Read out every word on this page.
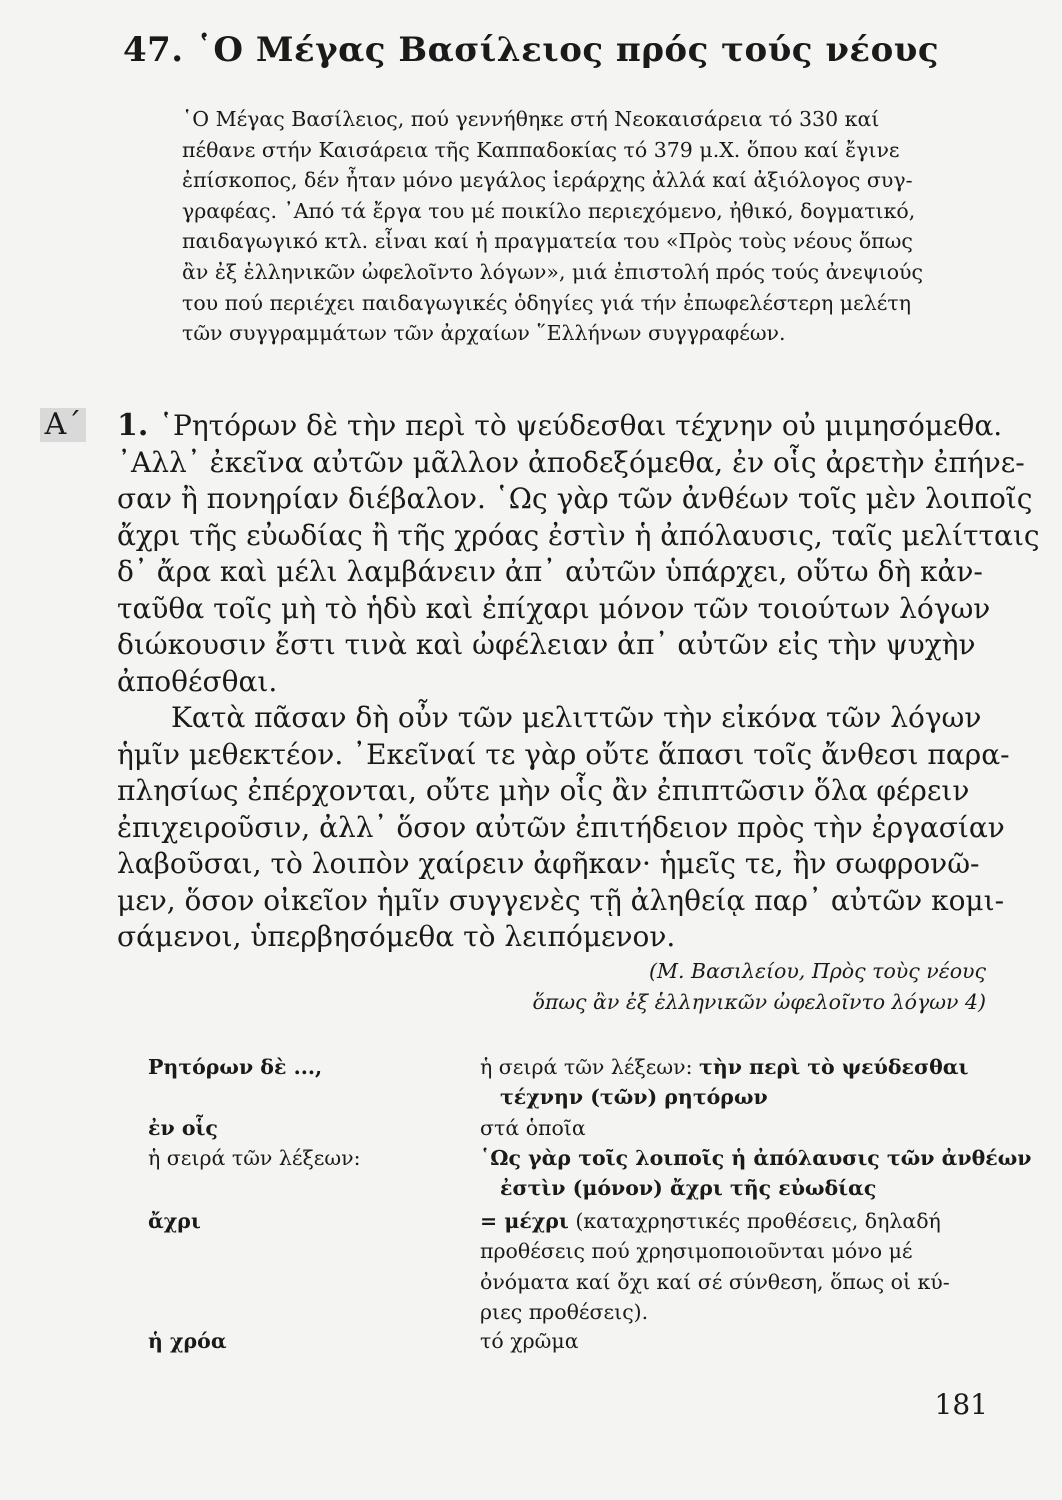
47. ῾Ο Μέγας Βασίλειος πρός τούς νέους
῾Ο Μέγας Βασίλειος, πού γεννήθηκε στή Νεοκαισάρεια τό 330 καί
πέθανε στήν Καισάρεια τῆς Καππαδοκίας τό 379 μ.Χ. ὅπου καί ἔγινε
ἐπίσκοπος, δέν ἦταν μόνο μεγάλος ἱεράρχης ἀλλά καί ἀξιόλογος συγ-
γραφέας. ᾿Από τά ἔργα του μέ ποικίλο περιεχόμενο, ἠθικό, δογματικό,
παιδαγωγικό κτλ. εἶναι καί ἡ πραγματεία του «Πρὸς τοὺς νέους ὅπως
ἂν ἐξ ἑλληνικῶν ὠφελοῖντο λόγων», μιά ἐπιστολή πρός τούς ἀνεψιούς
του πού περιέχει παιδαγωγικές ὁδηγίες γιά τήν ἐπωφελέστερη μελέτη
τῶν συγγραμμάτων τῶν ἀρχαίων ῞Ελλήνων συγγραφέων.
Α΄ 1. ῾Ρητόρων δὲ τὴν περὶ τὸ ψεύδεσθαι τέχνην οὐ μιμησόμεθα.
᾿Αλλ᾿ ἐκεῖνα αὐτῶν μᾶλλον ἀποδεξόμεθα, ἐν οἷς ἀρετὴν ἐπήνε-
σαν ἢ πονηρίαν διέβαλον. ῾Ως γὰρ τῶν ἀνθέων τοῖς μὲν λοιποῖς
ἄχρι τῆς εὐωδίας ἢ τῆς χρόας ἐστὶν ἡ ἀπόλαυσις, ταῖς μελίτταις
δ᾿ ἄρα καὶ μέλι λαμβάνειν ἀπ᾿ αὐτῶν ὑπάρχει, οὕτω δὴ κἀν-
ταῦθα τοῖς μὴ τὸ ἡδὺ καὶ ἐπίχαρι μόνον τῶν τοιούτων λόγων
διώκουσιν ἔστι τινὰ καὶ ὠφέλειαν ἀπ᾿ αὐτῶν εἰς τὴν ψυχὴν
ἀποθέσθαι.
Κατὰ πᾶσαν δὴ οὖν τῶν μελιττῶν τὴν εἰκόνα τῶν λόγων
ἡμῖν μεθεκτέον. ᾿Εκεῖναί τε γὰρ οὔτε ἅπασι τοῖς ἄνθεσι παρα-
πλησίως ἐπέρχονται, οὔτε μὴν οἷς ἂν ἐπιπτῶσιν ὅλα φέρειν
ἐπιχειροῦσιν, ἀλλ᾿ ὅσον αὐτῶν ἐπιτήδειον πρὸς τὴν ἐργασίαν
λαβοῦσαι, τὸ λοιπὸν χαίρειν ἀφῆκαν· ἡμεῖς τε, ἢν σωφρονῶ-
μεν, ὅσον οἰκεῖον ἡμῖν συγγενὲς τῇ ἀληθείᾳ παρ᾿ αὐτῶν κομι-
σάμενοι, ὑπερβησόμεθα τὸ λειπόμενον.
(Μ. Βασιλείου, Πρὸς τοὺς νέους
ὅπως ἂν ἐξ ἑλληνικῶν ὠφελοῖντο λόγων 4)
Ρητόρων δὲ ...,	ἡ σειρά τῶν λέξεων: τὴν περὶ τὸ ψεύδεσθαι
τέχνην (τῶν) ρητόρων
ἐν οἷς	στά ὁποῖα
ἡ σειρά τῶν λέξεων:	῾Ως γὰρ τοῖς λοιποῖς ἡ ἀπόλαυσις τῶν ἀνθέων
ἐστὶν (μόνον) ἄχρι τῆς εὐωδίας
ἄχρι	= μέχρι (καταχρηστικές προθέσεις, δηλαδή
προθέσεις πού χρησιμοποιοῦνται μόνο μέ
ὀνόματα καί ὄχι καί σέ σύνθεση, ὅπως οἱ κύ-
ριες προθέσεις).
ἡ χρόα	τό χρῶμα
181
